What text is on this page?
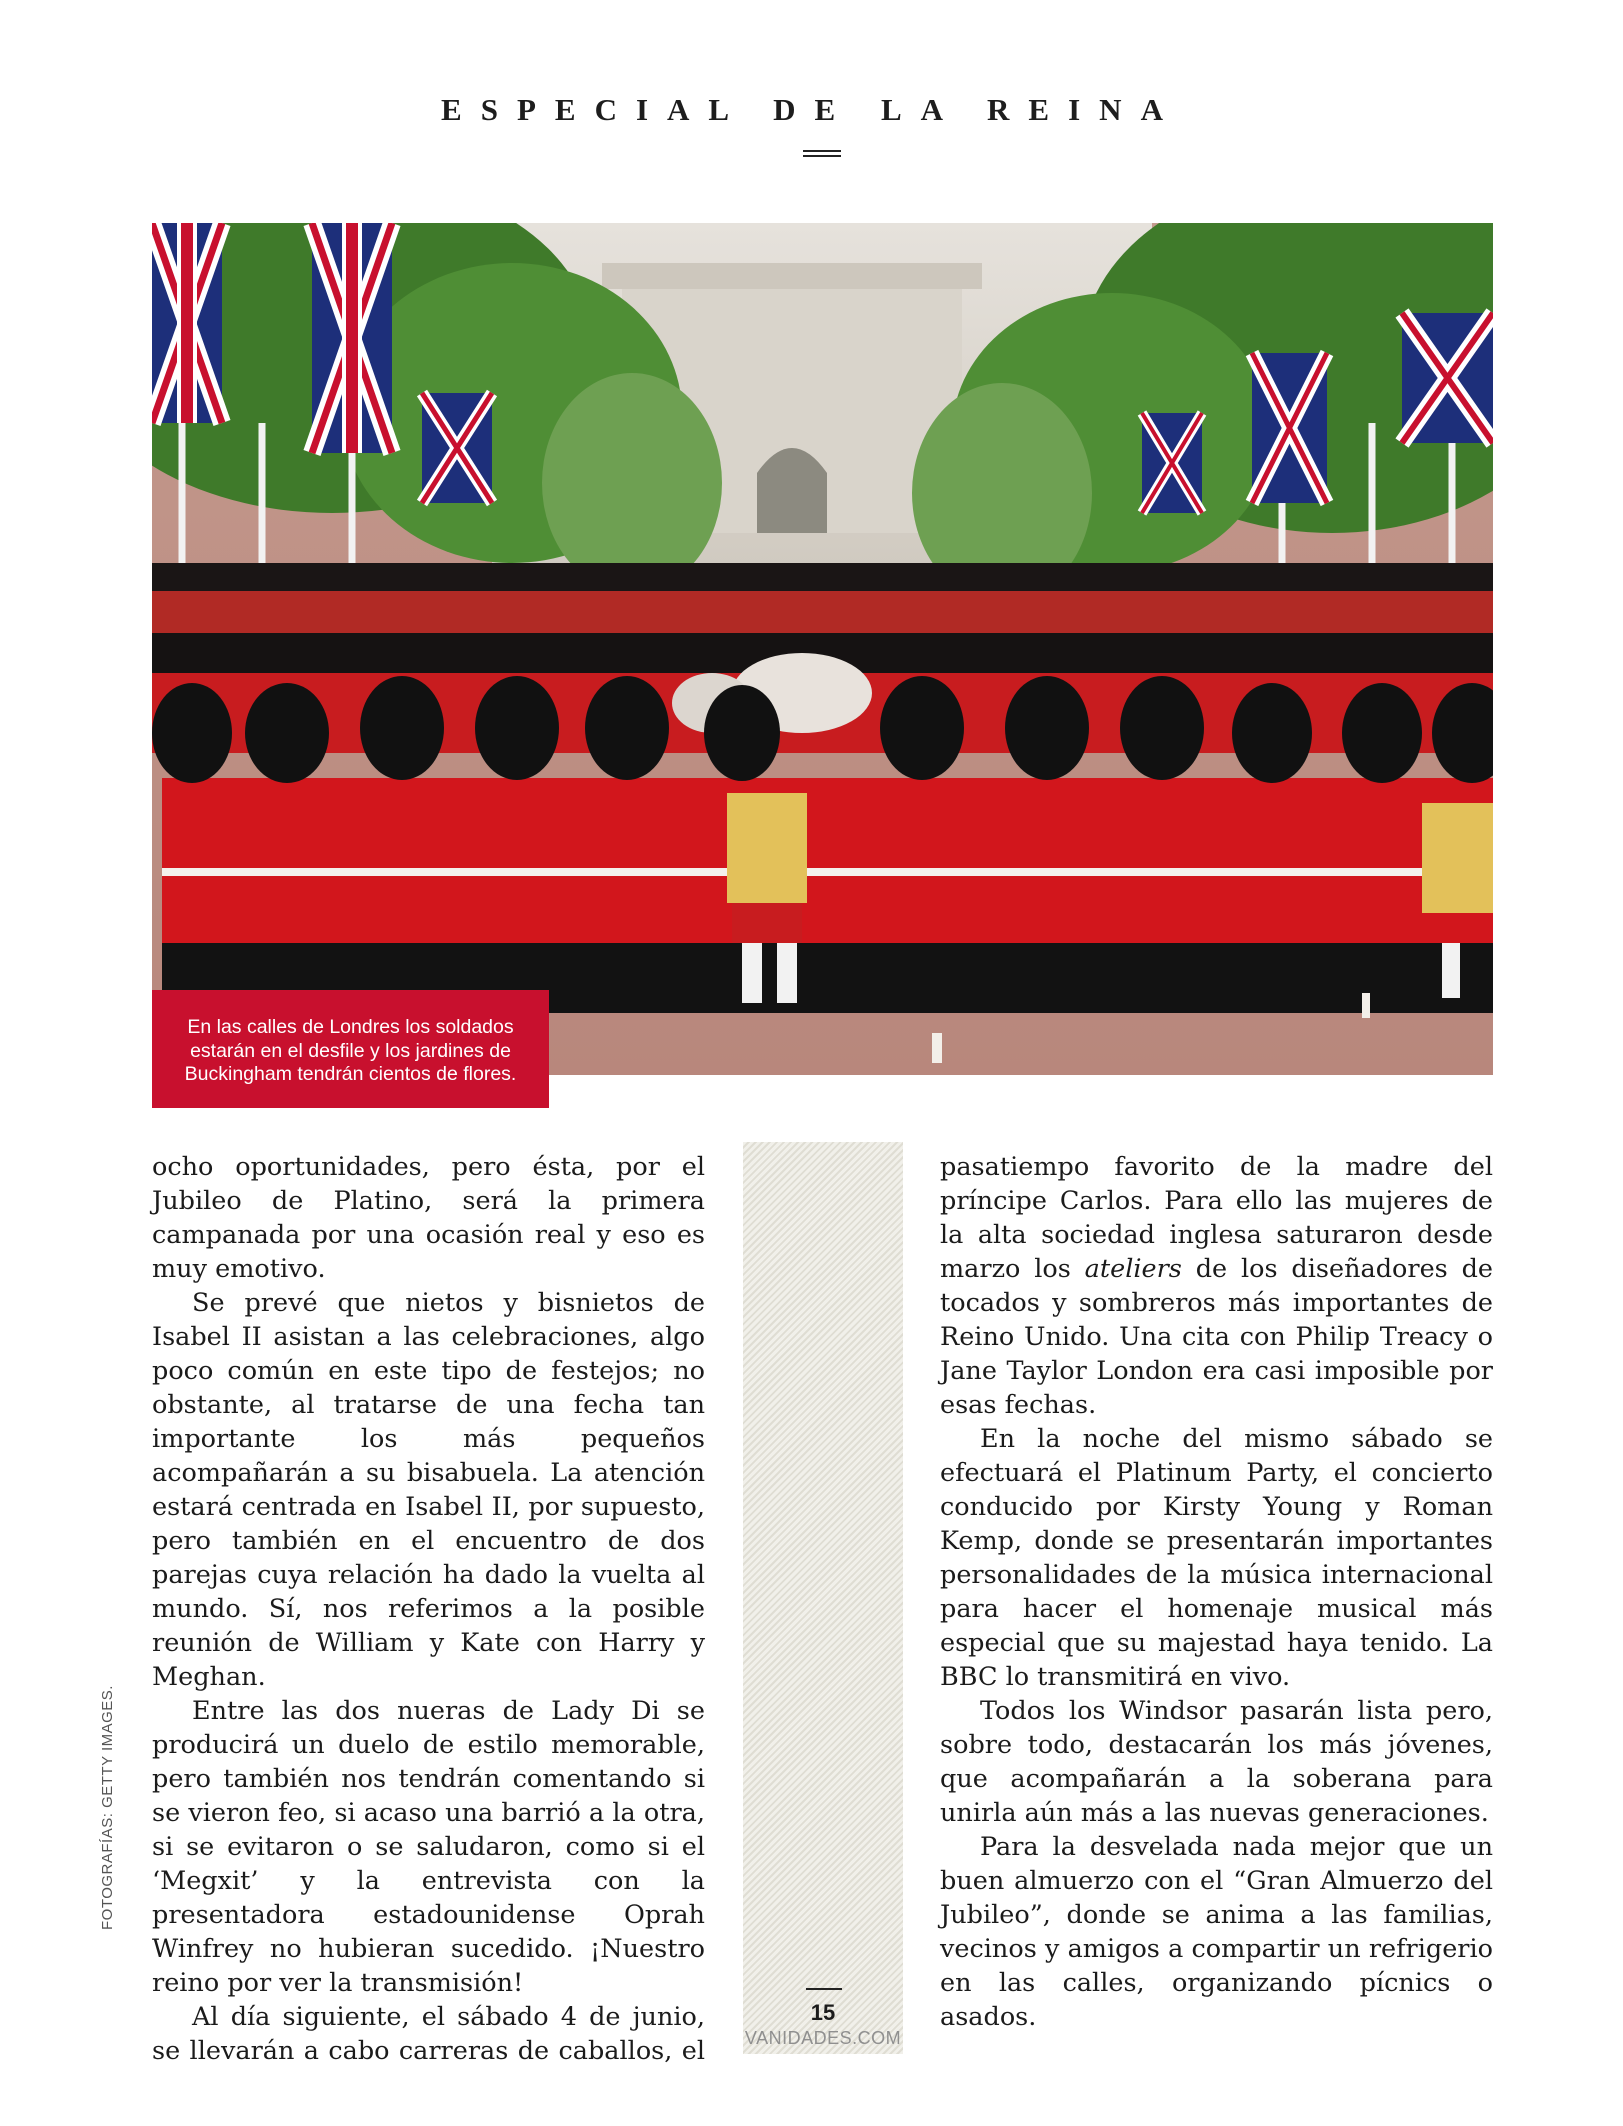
ESPECIAL DE LA REINA
En las calles de Londres los soldados
estarán en el desfile y los jardines de
Buckingham tendrán cientos de flores.
FOTOGRAFÍAS: GETTY IMAGES.

ocho oportunidades, pero ésta, por el Jubileo de Platino, será la primera campanada por una ocasión real y eso es muy emotivo.

Se prevé que nietos y bisnietos de Isabel II asistan a las celebraciones, algo poco común en este tipo de festejos; no obstante, al tratarse de una fecha tan importante los más pequeños acompañarán a su bisabuela. La atención estará centrada en Isabel II, por supuesto, pero también en el encuentro de dos parejas cuya relación ha dado la vuelta al mundo. Sí, nos referimos a la posible reunión de William y Kate con Harry y Meghan.

Entre las dos nueras de Lady Di se producirá un duelo de estilo memorable, pero también nos tendrán comentando si se vieron feo, si acaso una barrió a la otra, si se evitaron o se saludaron, como si el ‘Megxit’ y la entrevista con la presentadora estadounidense Oprah Winfrey no hubieran sucedido. ¡Nuestro reino por ver la transmisión!

Al día siguiente, el sábado 4 de junio, se llevarán a cabo carreras de caballos, el

pasatiempo favorito de la madre del príncipe Carlos. Para ello las mujeres de la alta sociedad inglesa saturaron desde marzo los ateliers de los diseñadores de tocados y sombreros más importantes de Reino Unido. Una cita con Philip Treacy o Jane Taylor London era casi imposible por esas fechas.

En la noche del mismo sábado se efectuará el Platinum Party, el concierto conducido por Kirsty Young y Roman Kemp, donde se presentarán importantes personalidades de la música internacional para hacer el homenaje musical más especial que su majestad haya tenido. La BBC lo transmitirá en vivo.

Todos los Windsor pasarán lista pero, sobre todo, destacarán los más jóvenes, que acompañarán a la soberana para unirla aún más a las nuevas generaciones.

Para la desvelada nada mejor que un buen almuerzo con el “Gran Almuerzo del Jubileo”, donde se anima a las familias, vecinos y amigos a compartir un refrigerio en las calles, organizando pícnics o asados.

15
VANIDADES.COM
